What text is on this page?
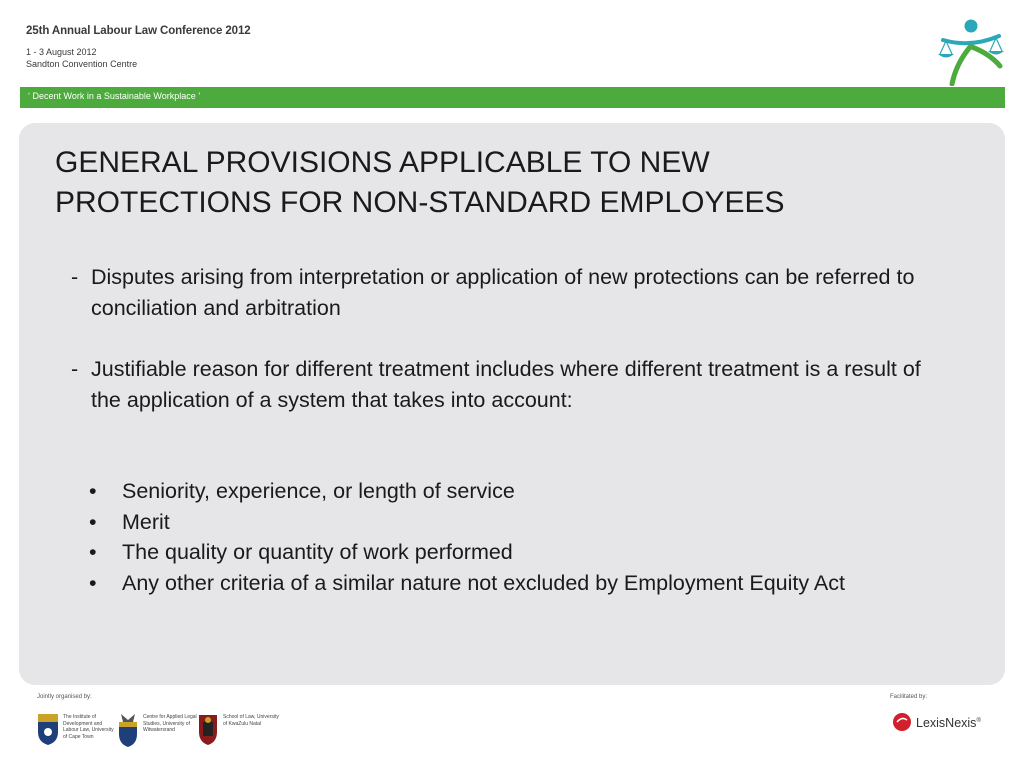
25th Annual Labour Law Conference 2012
1 - 3 August 2012
Sandton Convention Centre
‘ Decent Work in a Sustainable Workplace ’
GENERAL PROVISIONS APPLICABLE TO NEW
PROTECTIONS FOR NON-STANDARD EMPLOYEES
- Disputes arising from interpretation or application of new protections can be referred to conciliation and arbitration
- Justifiable reason for different treatment includes where different treatment is a result of the application of a system that takes into account:
• Seniority, experience, or length of service
• Merit
• The quality or quantity of work performed
• Any other criteria of a similar nature not excluded by Employment Equity Act
Jointly organised by:	Facilitated by:
The Institute of Development and Labour Law, University of Cape Town
Centre for Applied Legal Studies, University of Witwatersrand
School of Law, University of KwaZulu Natal	LexisNexis®
